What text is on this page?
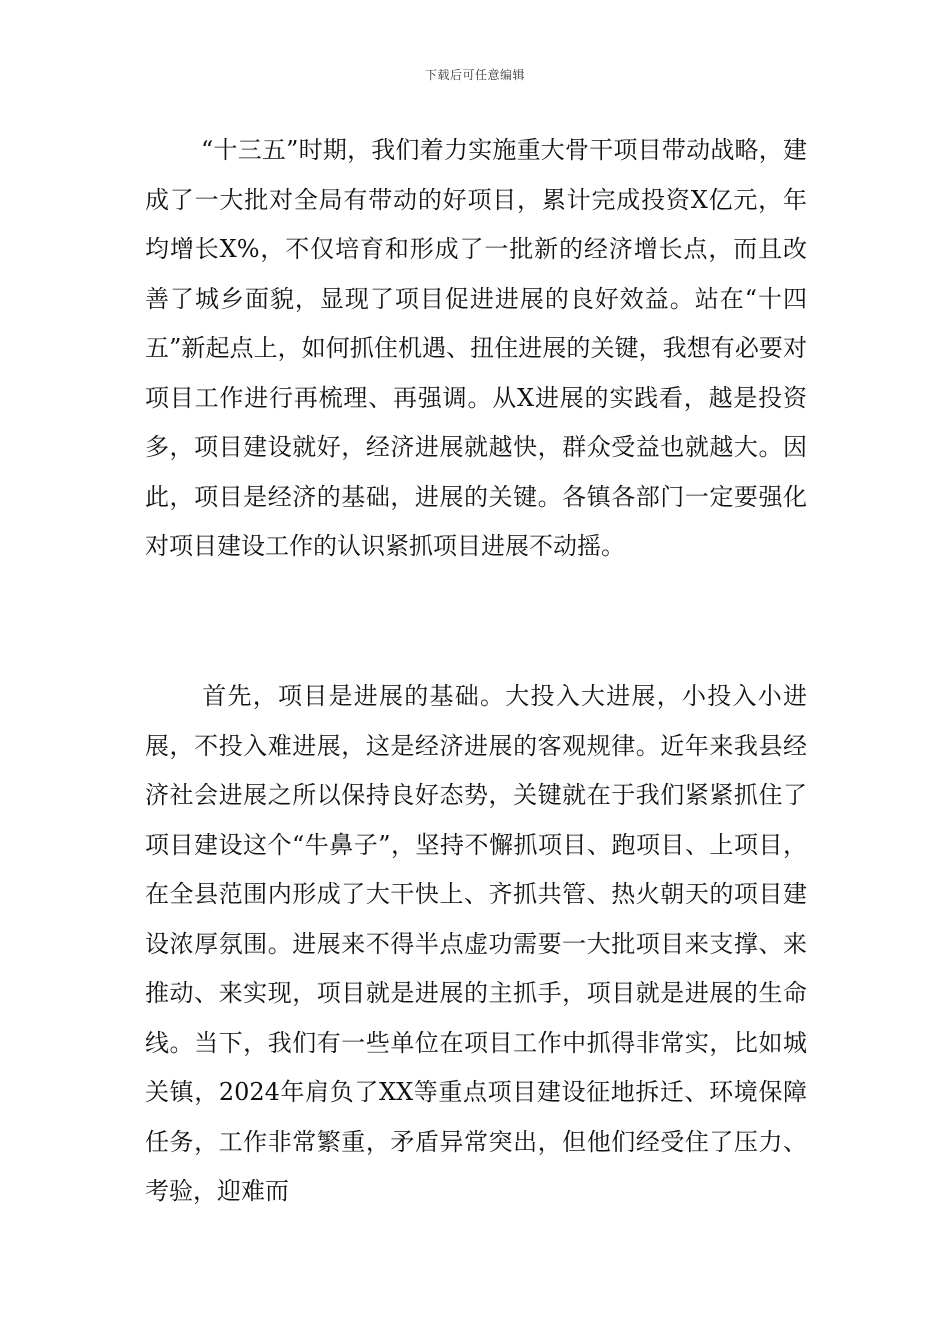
下载后可任意编辑

“十三五”时期，我们着力实施重大骨干项目带动战略，建成了一大批对全局有带动的好项目，累计完成投资X亿元，年均增长X%，不仅培育和形成了一批新的经济增长点，而且改善了城乡面貌，显现了项目促进进展的良好效益。站在“十四五”新起点上，如何抓住机遇、扭住进展的关键，我想有必要对项目工作进行再梳理、再强调。从X进展的实践看，越是投资多，项目建设就好，经济进展就越快，群众受益也就越大。因此，项目是经济的基础，进展的关键。各镇各部门一定要强化对项目建设工作的认识紧抓项目进展不动摇。

首先，项目是进展的基础。大投入大进展，小投入小进展，不投入难进展，这是经济进展的客观规律。近年来我县经济社会进展之所以保持良好态势，关键就在于我们紧紧抓住了项目建设这个“牛鼻子”，坚持不懈抓项目、跑项目、上项目，在全县范围内形成了大干快上、齐抓共管、热火朝天的项目建设浓厚氛围。进展来不得半点虚功需要一大批项目来支撑、来推动、来实现，项目就是进展的主抓手，项目就是进展的生命线。当下，我们有一些单位在项目工作中抓得非常实，比如城关镇，2024年肩负了XX等重点项目建设征地拆迁、环境保障任务，工作非常繁重，矛盾异常突出，但他们经受住了压力、考验，迎难而
